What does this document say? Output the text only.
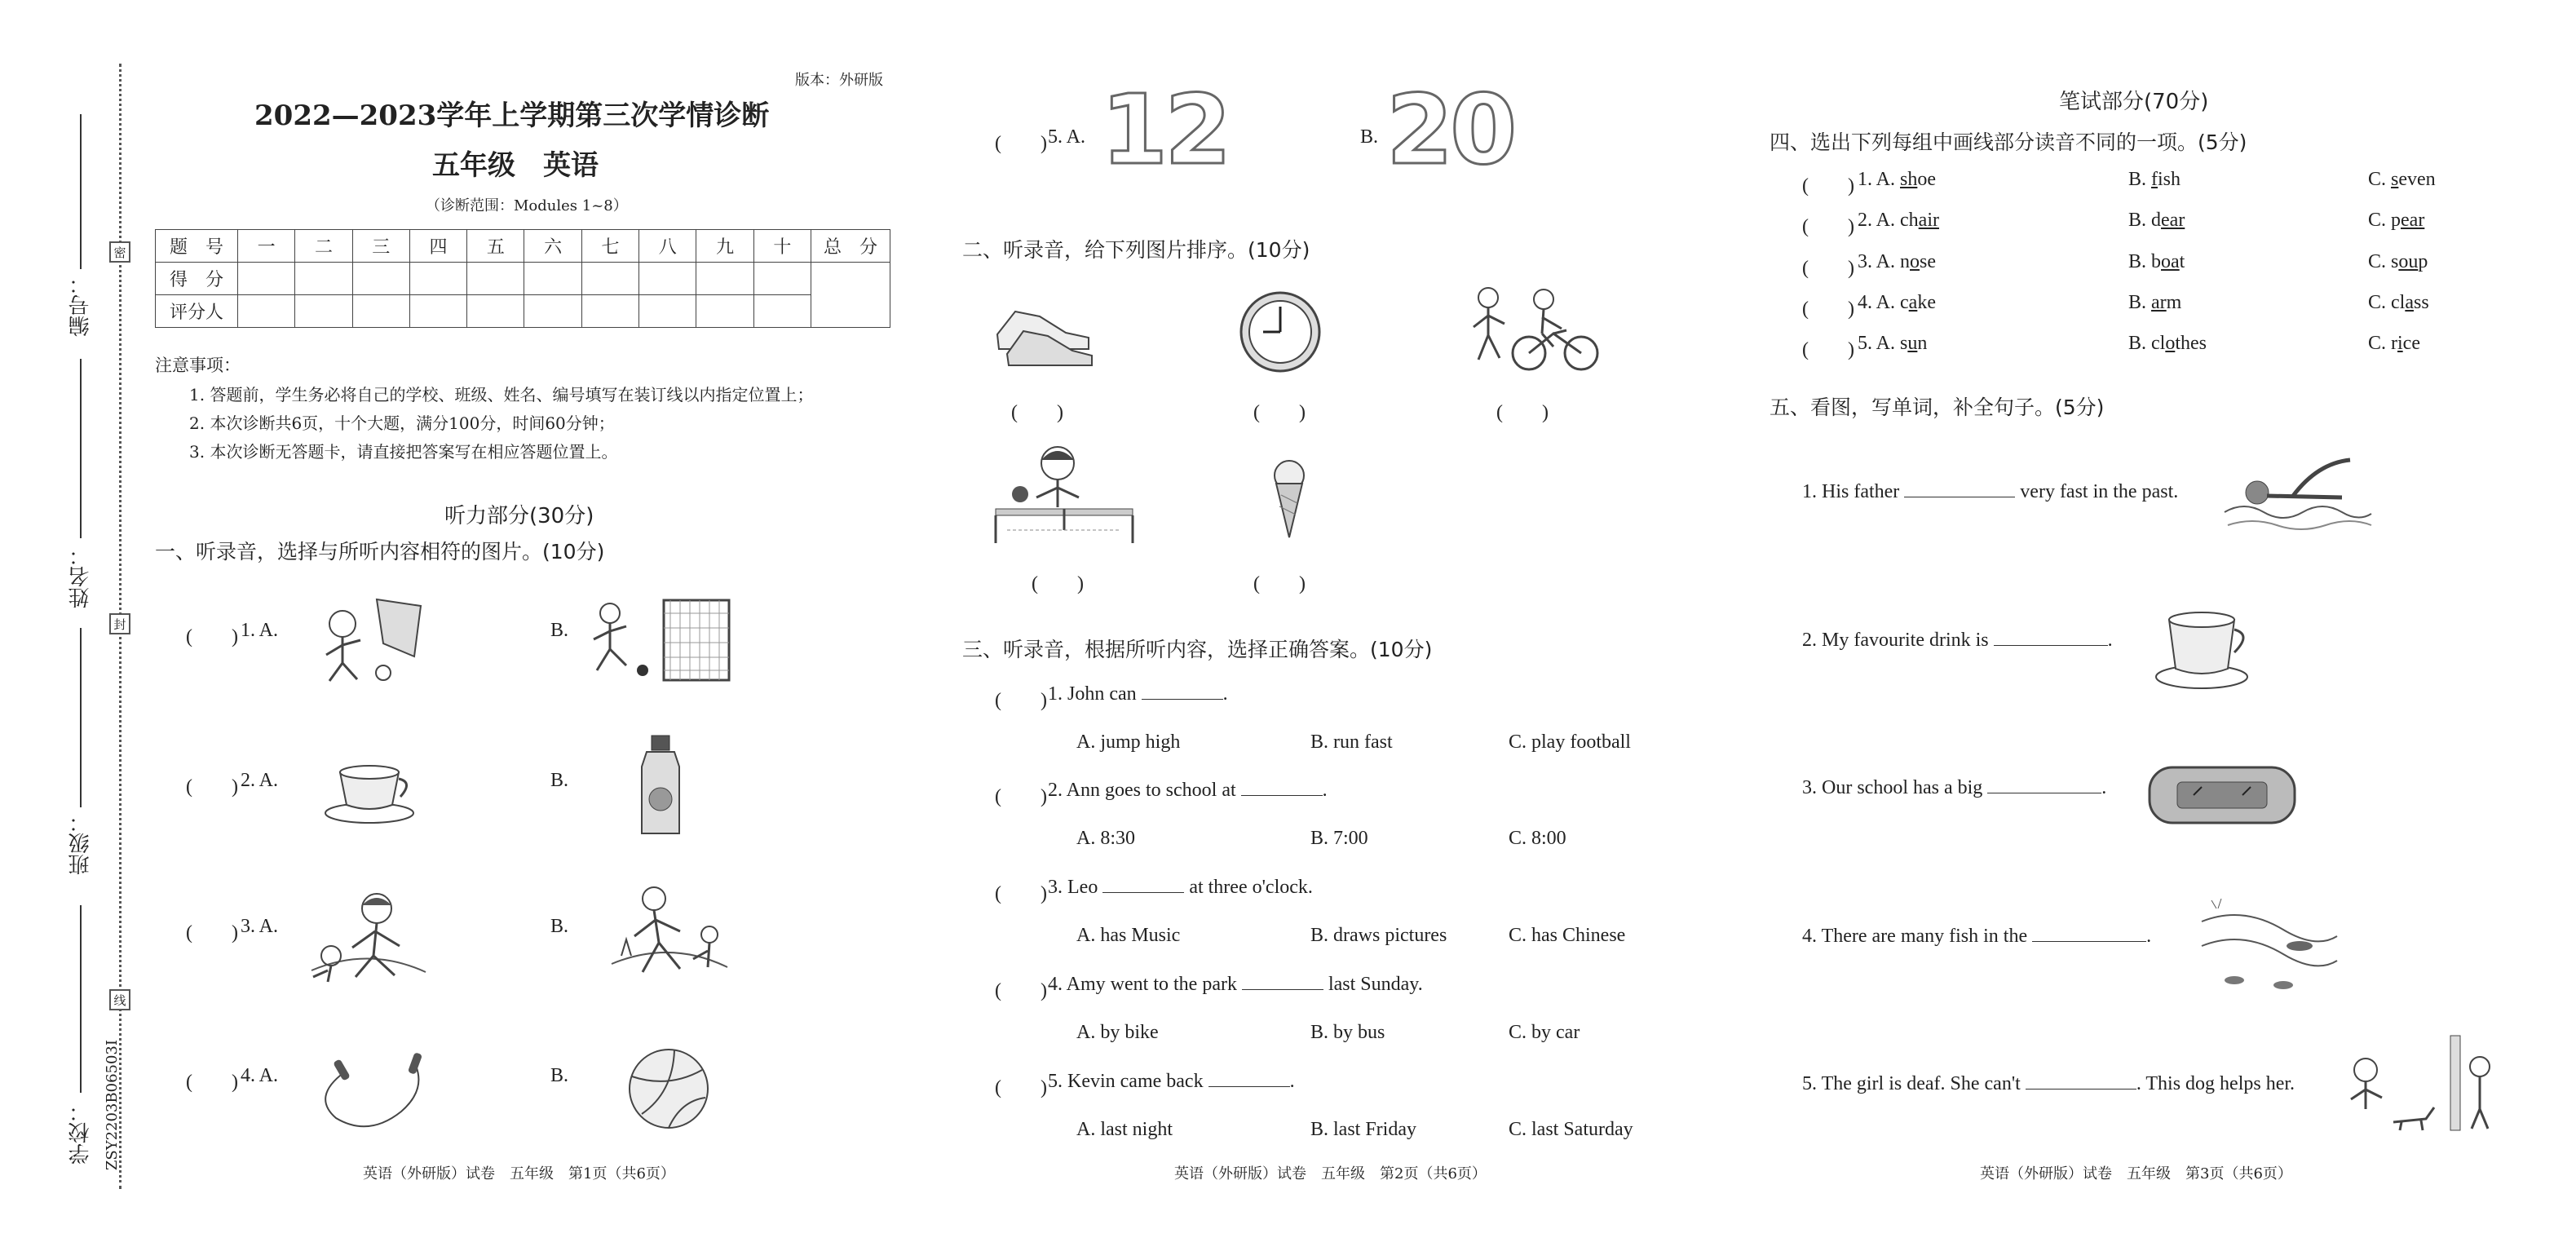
密
封
线
编号：
姓名：
班级：
学校： ZSY2203B06503I
版本：外研版
2022—2023学年上学期第三次学情诊断
五年级　英语
（诊断范围：Modules 1~8）
题　号	一	二	三	四	五	六	七	八	九	十	总　分
得　分											
评分人											
注意事项：
1. 答题前，学生务必将自己的学校、班级、姓名、编号填写在装订线以内指定位置上；
2. 本次诊断共6页，十个大题，满分100分，时间60分钟；
3. 本次诊断无答题卡，请直接把答案写在相应答题位置上。
听力部分(30分)
一、听录音，选择与所听内容相符的图片。(10分)
(　　) 1. A.	B.
(　　) 2. A.	B.
(　　) 3. A.	B.
(　　) 4. A.	B.
英语（外研版）试卷　五年级　第1页（共6页）
(　　) 5. A. 12	B. 20
二、听录音，给下列图片排序。(10分)
(　　)	(　　)	(　　)
(　　)	(　　)
三、听录音，根据所听内容，选择正确答案。(10分)
(　　) 1. John can	.
A. jump high	B. run fast	C. play football
(　　) 2. Ann goes to school at	.
A. 8:30	B. 7:00	C. 8:00
(　　) 3. Leo	at three o'clock.
A. has Music	B. draws pictures	C. has Chinese
(　　) 4. Amy went to the park	last Sunday.
A. by bike	B. by bus	C. by car
(　　) 5. Kevin came back	.
A. last night	B. last Friday	C. last Saturday
英语（外研版）试卷　五年级　第2页（共6页）
笔试部分(70分)
四、选出下列每组中画线部分读音不同的一项。(5分)
(　　) 1. A. shoe	B. fish	C. seven
(　　) 2. A. chair	B. dear	C. pear
(　　) 3. A. nose	B. boat	C. soup
(　　) 4. A. cake	B. arm	C. class
(　　) 5. A. sun	B. clothes	C. rice
五、看图，写单词，补全句子。(5分)
1. His father	very fast in the past.
2. My favourite drink is	.
3. Our school has a big	.
4. There are many fish in the	.
5. The girl is deaf. She can't	. This dog helps her.
英语（外研版）试卷　五年级　第3页（共6页）
